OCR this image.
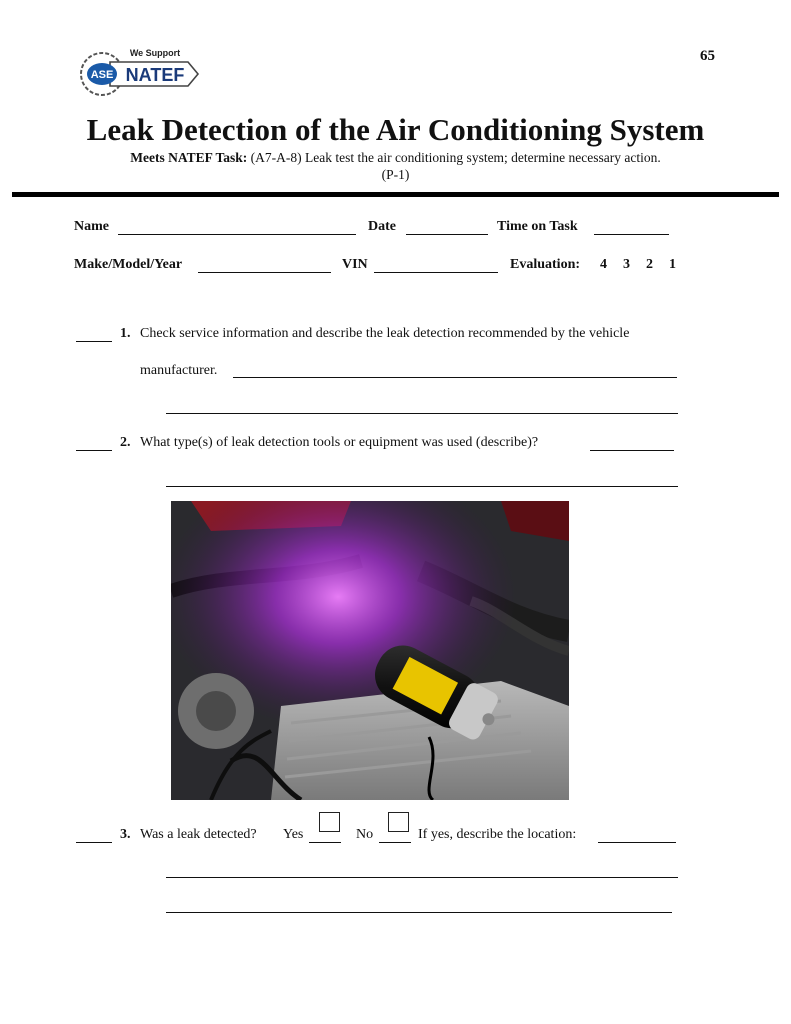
ASE NATEF
We Support	65
Leak Detection of the Air Conditioning System
Meets NATEF Task: (A7-A-8) Leak test the air conditioning system; determine necessary action.
(P-1)
Name	Date	Time on Task
Make/Model/Year	VIN	Evaluation: 4 3 2 1
1. Check service information and describe the leak detection recommended by the vehicle
manufacturer.
2. What type(s) of leak detection tools or equipment was used (describe)?
3. Was a leak detected? Yes	No	If yes, describe the location:
